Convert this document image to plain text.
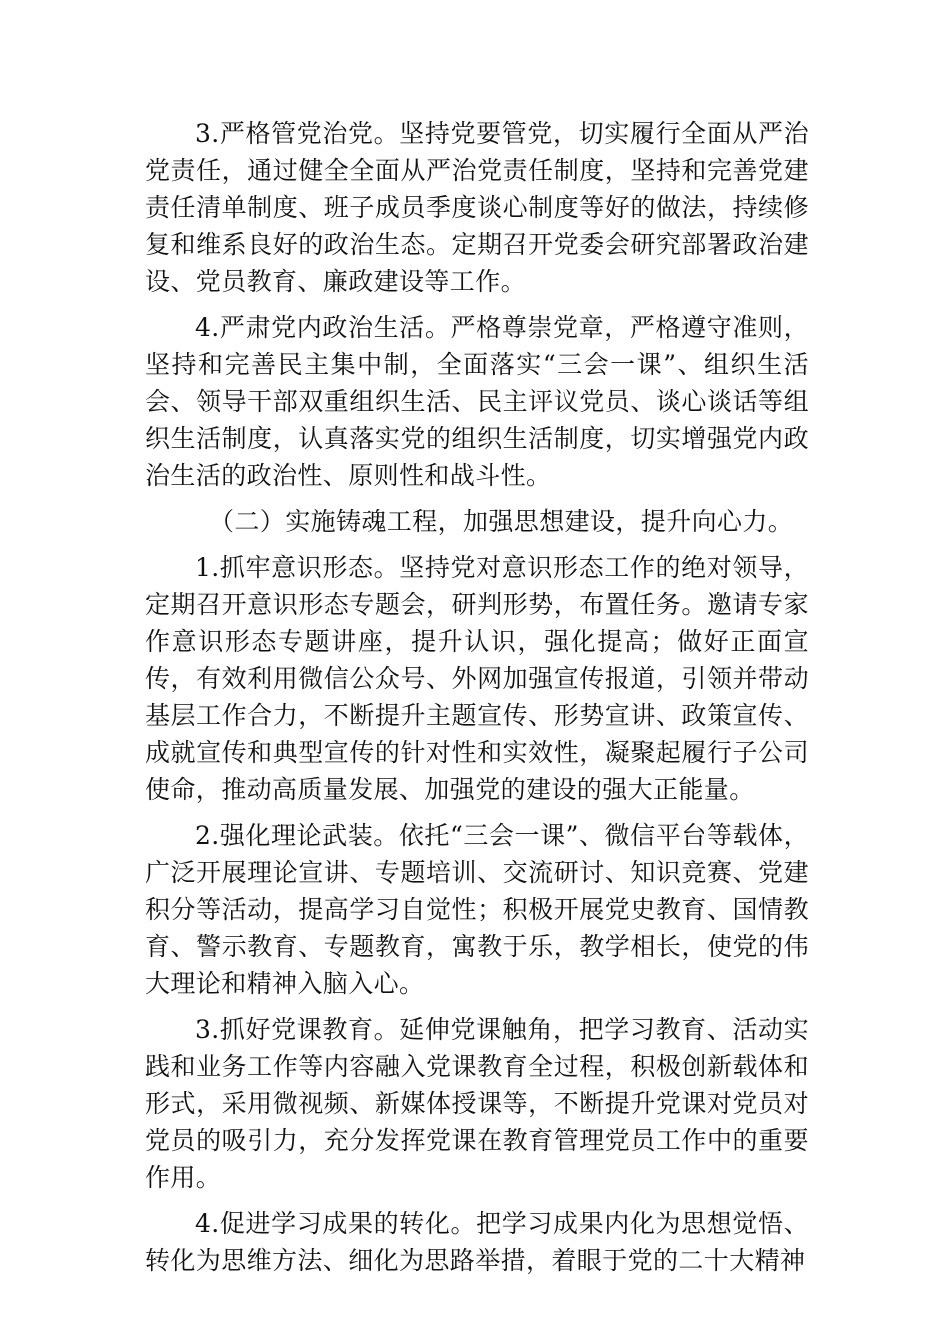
3.严格管党治党。坚持党要管党，切实履行全面从严治党责任，通过健全全面从严治党责任制度，坚持和完善党建责任清单制度、班子成员季度谈心制度等好的做法，持续修复和维系良好的政治生态。定期召开党委会研究部署政治建设、党员教育、廉政建设等工作。

4.严肃党内政治生活。严格尊崇党章，严格遵守准则，坚持和完善民主集中制，全面落实“三会一课”、组织生活会、领导干部双重组织生活、民主评议党员、谈心谈话等组织生活制度，认真落实党的组织生活制度，切实增强党内政治生活的政治性、原则性和战斗性。

（二）实施铸魂工程，加强思想建设，提升向心力。

1.抓牢意识形态。坚持党对意识形态工作的绝对领导，定期召开意识形态专题会，研判形势，布置任务。邀请专家作意识形态专题讲座，提升认识，强化提高；做好正面宣传，有效利用微信公众号、外网加强宣传报道，引领并带动基层工作合力，不断提升主题宣传、形势宣讲、政策宣传、成就宣传和典型宣传的针对性和实效性，凝聚起履行子公司使命，推动高质量发展、加强党的建设的强大正能量。

2.强化理论武装。依托“三会一课”、微信平台等载体，广泛开展理论宣讲、专题培训、交流研讨、知识竞赛、党建积分等活动，提高学习自觉性；积极开展党史教育、国情教育、警示教育、专题教育，寓教于乐，教学相长，使党的伟大理论和精神入脑入心。

3.抓好党课教育。延伸党课触角，把学习教育、活动实践和业务工作等内容融入党课教育全过程，积极创新载体和形式，采用微视频、新媒体授课等，不断提升党课对党员对党员的吸引力，充分发挥党课在教育管理党员工作中的重要作用。

4.促进学习成果的转化。把学习成果内化为思想觉悟、转化为思维方法、细化为思路举措，着眼于党的二十大精神
